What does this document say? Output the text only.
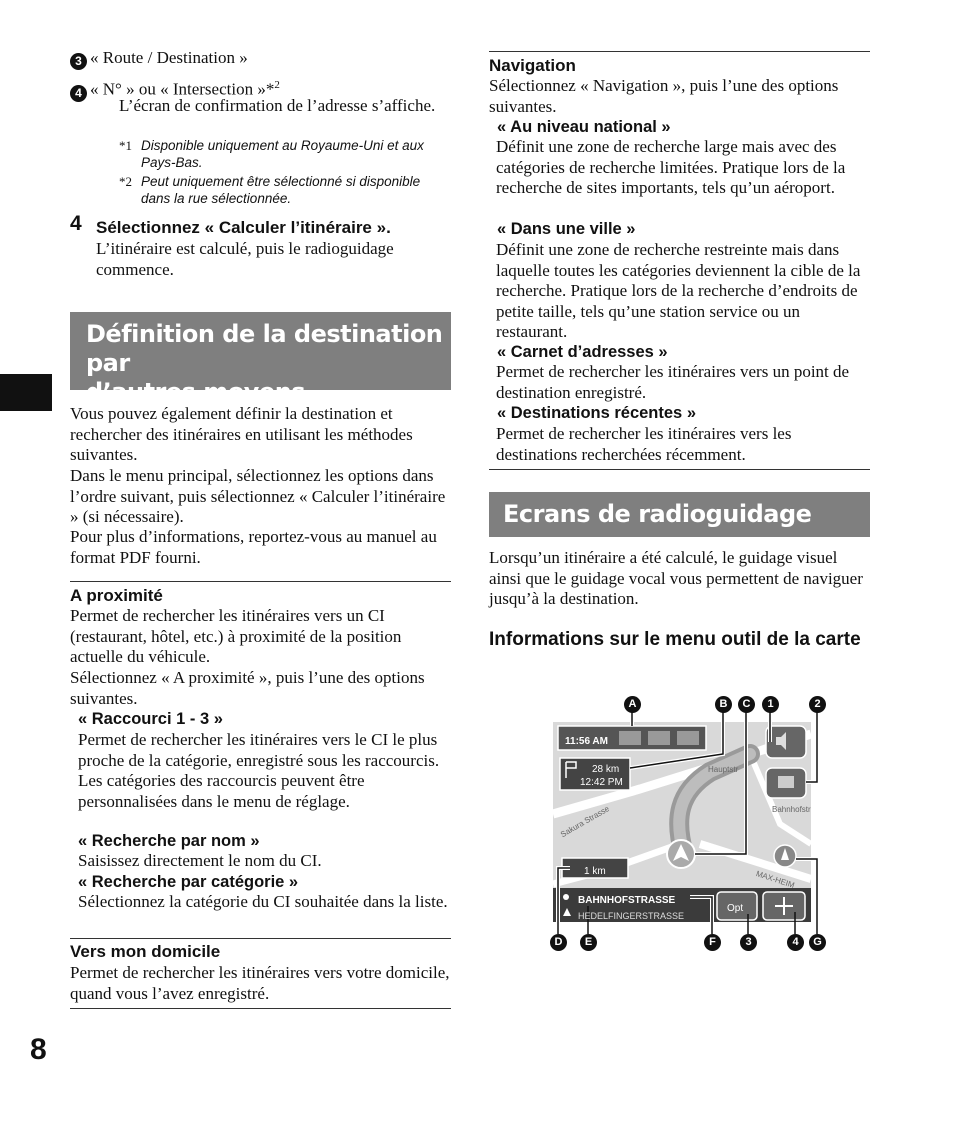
3 « Route / Destination »
4 « N° » ou « Intersection »*$^2$
L’écran de confirmation de l’adresse s’affiche.
*1 Disponible uniquement au Royaume-Uni et aux Pays-Bas.
*2 Peut uniquement être sélectionné si disponible dans la rue sélectionnée.
4 Sélectionnez « Calculer l’itinéraire ».
L’itinéraire est calculé, puis le radioguidage commence.
Définition de la destination par
d’autres moyens
Vous pouvez également définir la destination et rechercher des itinéraires en utilisant les méthodes suivantes.
Dans le menu principal, sélectionnez les options dans l’ordre suivant, puis sélectionnez « Calculer l’itinéraire » (si nécessaire).
Pour plus d’informations, reportez-vous au manuel au format PDF fourni.
A proximité
Permet de rechercher les itinéraires vers un CI (restaurant, hôtel, etc.) à proximité de la position actuelle du véhicule.
Sélectionnez « A proximité », puis l’une des options suivantes.
« Raccourci 1 - 3 »
Permet de rechercher les itinéraires vers le CI le plus proche de la catégorie, enregistré sous les raccourcis. Les catégories des raccourcis peuvent être personnalisées dans le menu de réglage.
« Recherche par nom »
Saisissez directement le nom du CI.
« Recherche par catégorie »
Sélectionnez la catégorie du CI souhaitée dans la liste.
Vers mon domicile
Permet de rechercher les itinéraires vers votre domicile, quand vous l’avez enregistré.
8
Navigation
Sélectionnez « Navigation », puis l’une des options suivantes.
« Au niveau national »
Définit une zone de recherche large mais avec des catégories de recherche limitées. Pratique lors de la recherche de sites importants, tels qu’un aéroport.
« Dans une ville »
Définit une zone de recherche restreinte mais dans laquelle toutes les catégories deviennent la cible de la recherche. Pratique lors de la recherche d’endroits de petite taille, tels qu’une station service ou un restaurant.
« Carnet d’adresses »
Permet de rechercher les itinéraires vers un point de destination enregistré.
« Destinations récentes »
Permet de rechercher les itinéraires vers les destinations recherchées récemment.
Ecrans de radioguidage
Lorsqu’un itinéraire a été calculé, le guidage visuel ainsi que le guidage vocal vous permettent de naviguer jusqu’à la destination.
Informations sur le menu outil de la carte
11:56 AM
28 km
12:42 PM
1 km
BAHNHOFSTRASSE
HEDELFINGERSTRASSE
Opt
Sakura Strasse
MAX-HEIM
Bahnhofstr
Hauptstr
A	B	C	1	2
D	E	F	3	4	G
